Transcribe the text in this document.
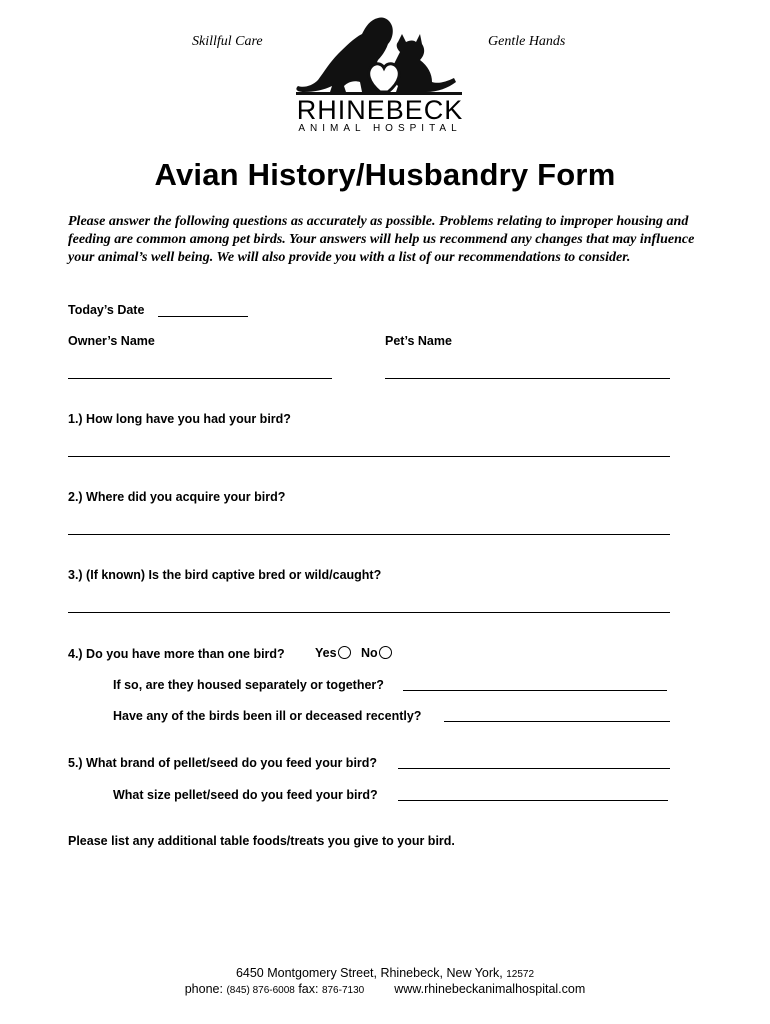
Skillful Care	Gentle Hands
RHINEBECK
ANIMAL HOSPITAL
Avian History/Husbandry Form
Please answer the following questions as accurately as possible. Problems relating to improper housing and feeding are common among pet birds. Your answers will help us recommend any changes that may influence your animal’s well being. We will also provide you with a list of our recommendations to consider.
Today’s Date
Owner’s Name	Pet’s Name
1.) How long have you had your bird?
2.) Where did you acquire your bird?
3.) (If known) Is the bird captive bred or wild/caught?
4.) Do you have more than one bird? Yes	No
If so, are they housed separately or together?
Have any of the birds been ill or deceased recently?
5.) What brand of pellet/seed do you feed your bird?
What size pellet/seed do you feed your bird?
Please list any additional table foods/treats you give to your bird.
6450 Montgomery Street, Rhinebeck, New York, 12572
phone: (845) 876-6008 fax: 876-7130 www.rhinebeckanimalhospital.com
